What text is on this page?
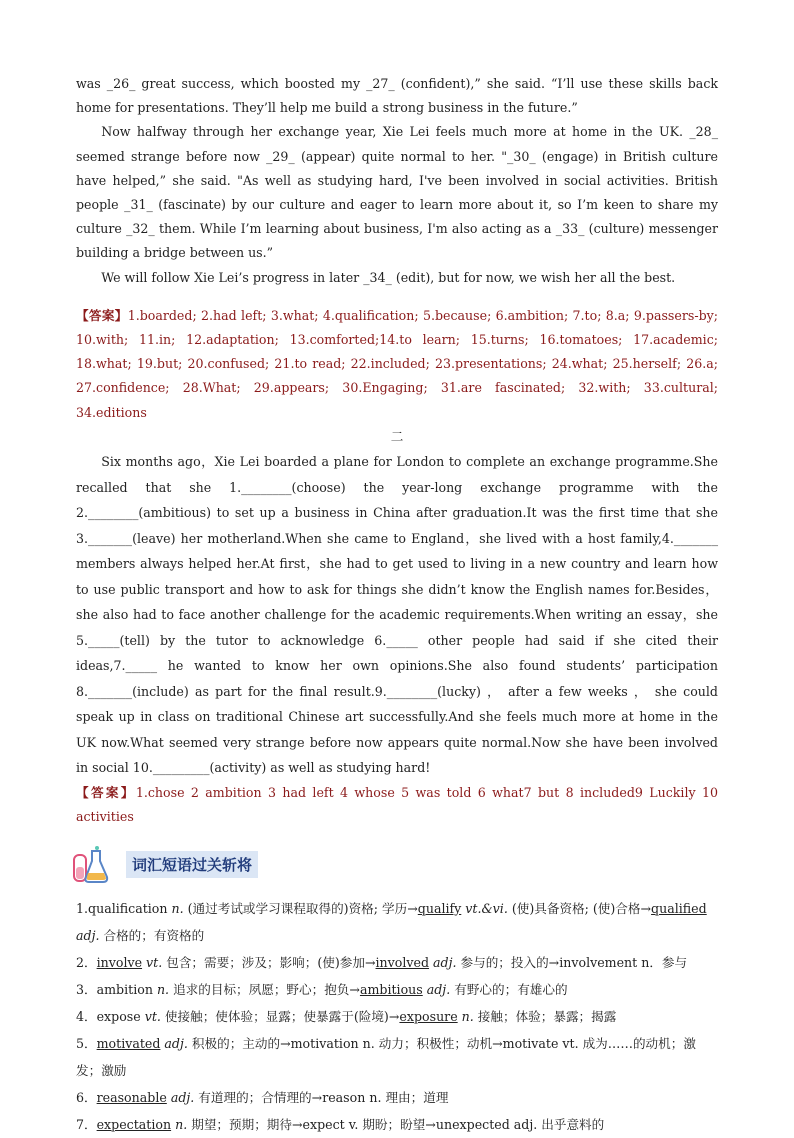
was _26_ great success, which boosted my _27_ (confident),” she said. “I’ll use these skills back home for presentations. They’ll help me build a strong business in the future.”

Now halfway through her exchange year, Xie Lei feels much more at home in the UK. _28_ seemed strange before now _29_ (appear) quite normal to her. "_30_ (engage) in British culture have helped,” she said. "As well as studying hard, I've been involved in social activities. British people _31_ (fascinate) by our culture and eager to learn more about it, so I’m keen to share my culture _32_ them. While I’m learning about business, I'm also acting as a _33_ (culture) messenger building a bridge between us.”

We will follow Xie Lei’s progress in later _34_ (edit), but for now, we wish her all the best.

【答案】1.boarded; 2.had left; 3.what; 4.qualification; 5.because; 6.ambition; 7.to; 8.a; 9.passers-by; 10.with; 11.in; 12.adaptation; 13.comforted;14.to learn; 15.turns; 16.tomatoes; 17.academic; 18.what; 19.but; 20.confused; 21.to read; 22.included; 23.presentations; 24.what; 25.herself; 26.a; 27.confidence; 28.What; 29.appears; 30.Engaging; 31.are fascinated; 32.with; 33.cultural; 34.editions

二

Six months ago，Xie Lei boarded a plane for London to complete an exchange programme.She recalled that she 1.________(choose) the year-long exchange programme with the 2.________(ambitious) to set up a business in China after graduation.It was the first time that she 3._______(leave) her motherland.When she came to England，she lived with a host family,4._______ members always helped her.At first，she had to get used to living in a new country and learn how to use public transport and how to ask for things she didn’t know the English names for.Besides，she also had to face another challenge for the academic requirements.When writing an essay，she 5._____(tell) by the tutor to acknowledge 6._____ other people had said if she cited their ideas,7._____ he wanted to know her own opinions.She also found students’ participation 8._______(include) as part for the final result.9.________(lucky) ， after a few weeks ， she could speak up in class on traditional Chinese art successfully.And she feels much more at home in the UK now.What seemed very strange before now appears quite normal.Now she have been involved in social 10._________(activity) as well as studying hard!

【答案】1.chose 2 ambition 3 had left 4 whose 5 was told 6 what7 but 8 included9 Luckily 10 activities

词汇短语过关斩将

1.qualification n. (通过考试或学习课程取得的)资格; 学历→qualify vt.&vi. (使)具备资格; (使)合格→qualified adj. 合格的；有资格的

2．involve vt. 包含；需要；涉及；影响；(使)参加→involved adj. 参与的；投入的→involvement n．参与

3．ambition n. 追求的目标；夙愿；野心；抱负→ambitious adj. 有野心的；有雄心的

4．expose vt. 使接触；使体验；显露；使暴露于(险境)→exposure n. 接触；体验；暴露；揭露

5．motivated adj. 积极的；主动的→motivation n. 动力；积极性；动机→motivate vt. 成为……的动机；激发；激励

6．reasonable adj. 有道理的；合情理的→reason n. 理由；道理

7．expectation n. 期望；预期；期待→expect v. 期盼；盼望→unexpected adj. 出乎意料的
